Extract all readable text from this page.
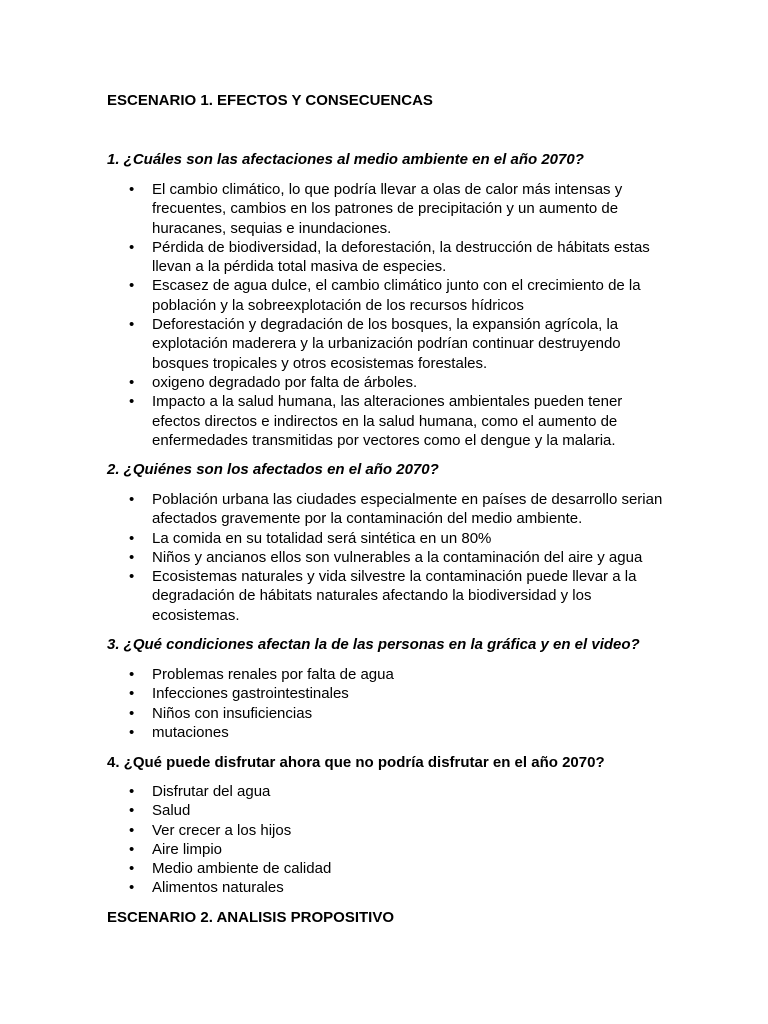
ESCENARIO 1. EFECTOS Y CONSECUENCAS

1. ¿Cuáles son las afectaciones al medio ambiente en el año 2070?

• El cambio climático, lo que podría llevar a olas de calor más intensas y frecuentes, cambios en los patrones de precipitación y un aumento de huracanes, sequias e inundaciones.
• Pérdida de biodiversidad, la deforestación, la destrucción de hábitats estas llevan a la pérdida total masiva de especies.
• Escasez de agua dulce, el cambio climático junto con el crecimiento de la población y la sobreexplotación de los recursos hídricos
• Deforestación y degradación de los bosques, la expansión agrícola, la explotación maderera y la urbanización podrían continuar destruyendo bosques tropicales y otros ecosistemas forestales.
• oxigeno degradado por falta de árboles.
• Impacto a la salud humana, las alteraciones ambientales pueden tener efectos directos e indirectos en la salud humana, como el aumento de enfermedades transmitidas por vectores como el dengue y la malaria.

2. ¿Quiénes son los afectados en el año 2070?

• Población urbana las ciudades especialmente en países de desarrollo serian afectados gravemente por la contaminación del medio ambiente.
• La comida en su totalidad será sintética en un 80%
• Niños y ancianos ellos son vulnerables a la contaminación del aire y agua
• Ecosistemas naturales y vida silvestre la contaminación puede llevar a la degradación de hábitats naturales afectando la biodiversidad y los ecosistemas.

3. ¿Qué condiciones afectan la de las personas en la gráfica y en el video?

• Problemas renales por falta de agua
• Infecciones gastrointestinales
• Niños con insuficiencias
• mutaciones

4. ¿Qué puede disfrutar ahora que no podría disfrutar en el año 2070?

• Disfrutar del agua
• Salud
• Ver crecer a los hijos
• Aire limpio
• Medio ambiente de calidad
• Alimentos naturales

ESCENARIO 2. ANALISIS PROPOSITIVO
